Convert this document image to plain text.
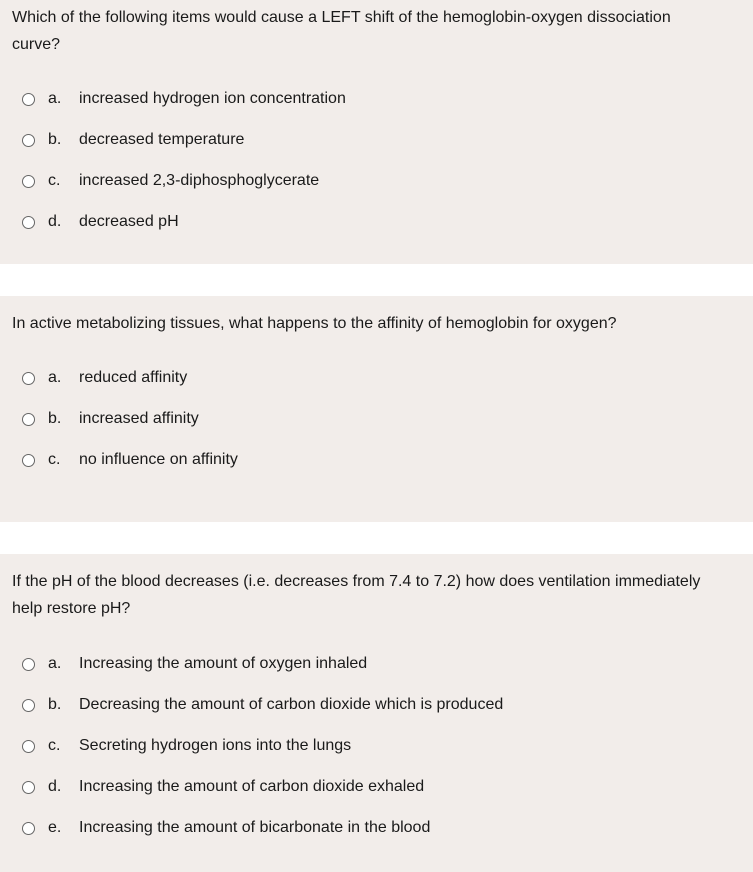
Which of the following items would cause a LEFT shift of the hemoglobin-oxygen dissociation curve?
a. increased hydrogen ion concentration
b. decreased temperature
c. increased 2,3-diphosphoglycerate
d. decreased pH
In active metabolizing tissues, what happens to the affinity of hemoglobin for oxygen?
a. reduced affinity
b. increased affinity
c. no influence on affinity
If the pH of the blood decreases (i.e. decreases from 7.4 to 7.2) how does ventilation immediately help restore pH?
a. Increasing the amount of oxygen inhaled
b. Decreasing the amount of carbon dioxide which is produced
c. Secreting hydrogen ions into the lungs
d. Increasing the amount of carbon dioxide exhaled
e. Increasing the amount of bicarbonate in the blood
